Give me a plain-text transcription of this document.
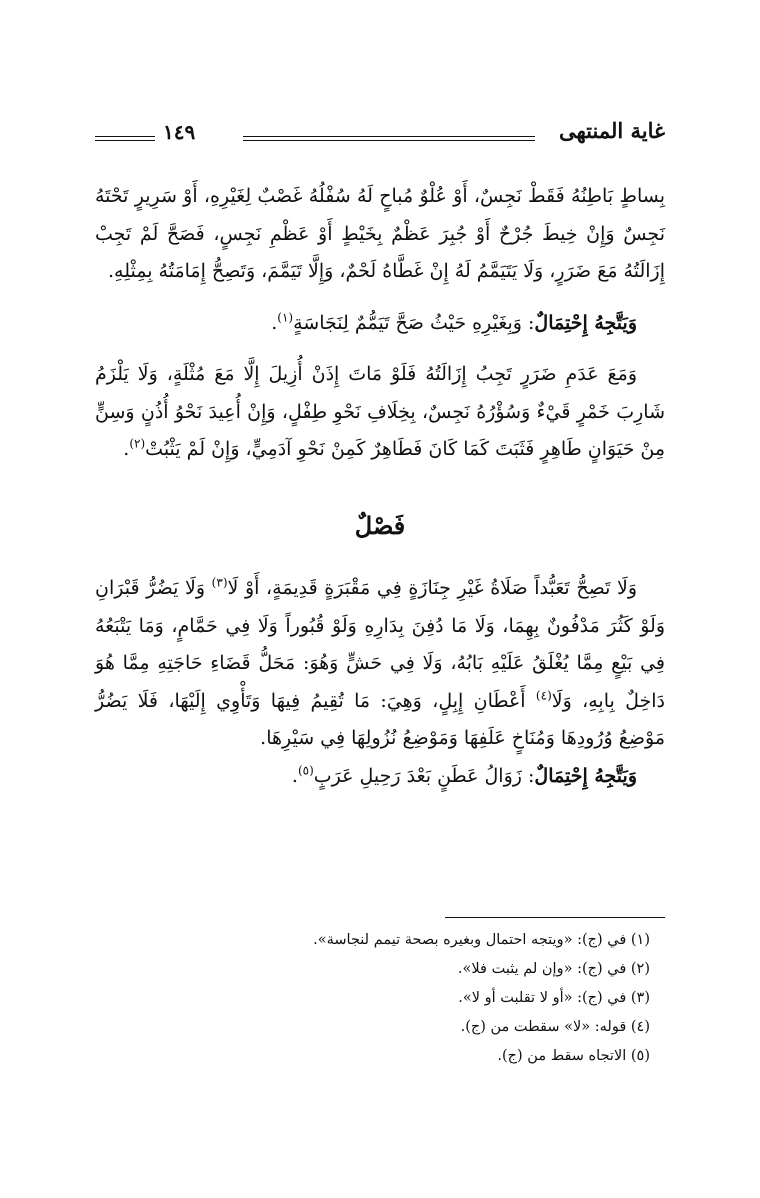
غاية المنتهى
١٤٩

بِساطٍ بَاطِنُهُ فَقَطْ نَجِسٌ، أَوْ عُلْوٌ مُباحٍ لَهُ سُفْلُهُ غَصْبٌ لِغَيْرِهِ، أَوْ سَرِيرٍ تَحْتَهُ نَجِسٌ وَإِنْ خِيطَ جُرْحٌ أَوْ جُبِرَ عَظْمٌ بِخَيْطٍ أَوْ عَظْمِ نَجِسٍ، فَصَحَّ لَمْ تَجِبْ إِزَالَتُهُ مَعَ ضَرَرٍ، وَلَا يَتَيَمَّمُ لَهُ إِنْ غَطَّاهُ لَحْمٌ، وَإِلَّا تَيَمَّمَ، وَتَصِحُّ إِمَامَتُهُ بِمِثْلِهِ.

وَيَتَّجِهُ إِحْتِمَالٌ: وَبِغَيْرِهِ حَيْثُ صَحَّ تَيَمُّمٌ لِنَجَاسَةٍ$^{(١)}$.

وَمَعَ عَدَمِ ضَرَرٍ تَجِبُ إِزَالَتُهُ فَلَوْ مَاتَ إِذَنْ أُزِيلَ إِلَّا مَعَ مُثْلَةٍ، وَلَا يَلْزَمُ شَارِبَ خَمْرٍ قَيْءٌ وَسُؤْرُهُ نَجِسٌ، بِخِلَافِ نَحْوِ طِفْلٍ، وَإِنْ أُعِيدَ نَحْوُ أُذُنٍ وَسِنٍّ مِنْ حَيَوَانٍ طَاهِرٍ فَثَبَتَ كَمَا كَانَ فَطَاهِرٌ كَمِنْ نَحْوِ آدَمِيٍّ، وَإِنْ لَمْ يَثْبُتْ$^{(٢)}$.

فَصْلٌ

وَلَا تَصِحُّ تَعَبُّداً صَلَاةُ غَيْرِ جِنَازَةٍ فِي مَقْبَرَةٍ قَدِيمَةٍ، أَوْ لَا$^{(٣)}$ وَلَا يَضُرُّ قَبْرَانِ وَلَوْ كَثُرَ مَدْفُونٌ بِهِمَا، وَلَا مَا دُفِنَ بِدَارِهِ وَلَوْ قُبُوراً وَلَا فِي حَمَّامٍ، وَمَا يَتْبَعُهُ فِي بَيْعٍ مِمَّا يُغْلَقُ عَلَيْهِ بَابُهُ، وَلَا فِي حَشٍّ وَهُوَ: مَحَلُّ قَضَاءِ حَاجَتِهِ مِمَّا هُوَ دَاخِلٌ بِابِهِ، وَلَا$^{(٤)}$ أَعْطَانِ إِبِلٍ، وَهِيَ: مَا تُقِيمُ فِيهَا وَتَأْوِي إِلَيْهَا، فَلَا يَضُرُّ مَوْضِعُ وُرُودِهَا وَمُنَاخٍ عَلَفِهَا وَمَوْضِعُ نُزُولِهَا فِي سَيْرِهَا.

وَيَتَّجِهُ إِحْتِمَالٌ: زَوَالُ عَطَنٍ بَعْدَ رَحِيلِ عَرَبٍ$^{(٥)}$.

(١) في (ج): «ويتجه احتمال وبغيره بصحة تيمم لنجاسة».

(٢) في (ج): «وإن لم يثبت فلا».

(٣) في (ج): «أو لا تقلبت أو لا».

(٤) قوله: «لا» سقطت من (ج).

(٥) الاتجاه سقط من (ج).
